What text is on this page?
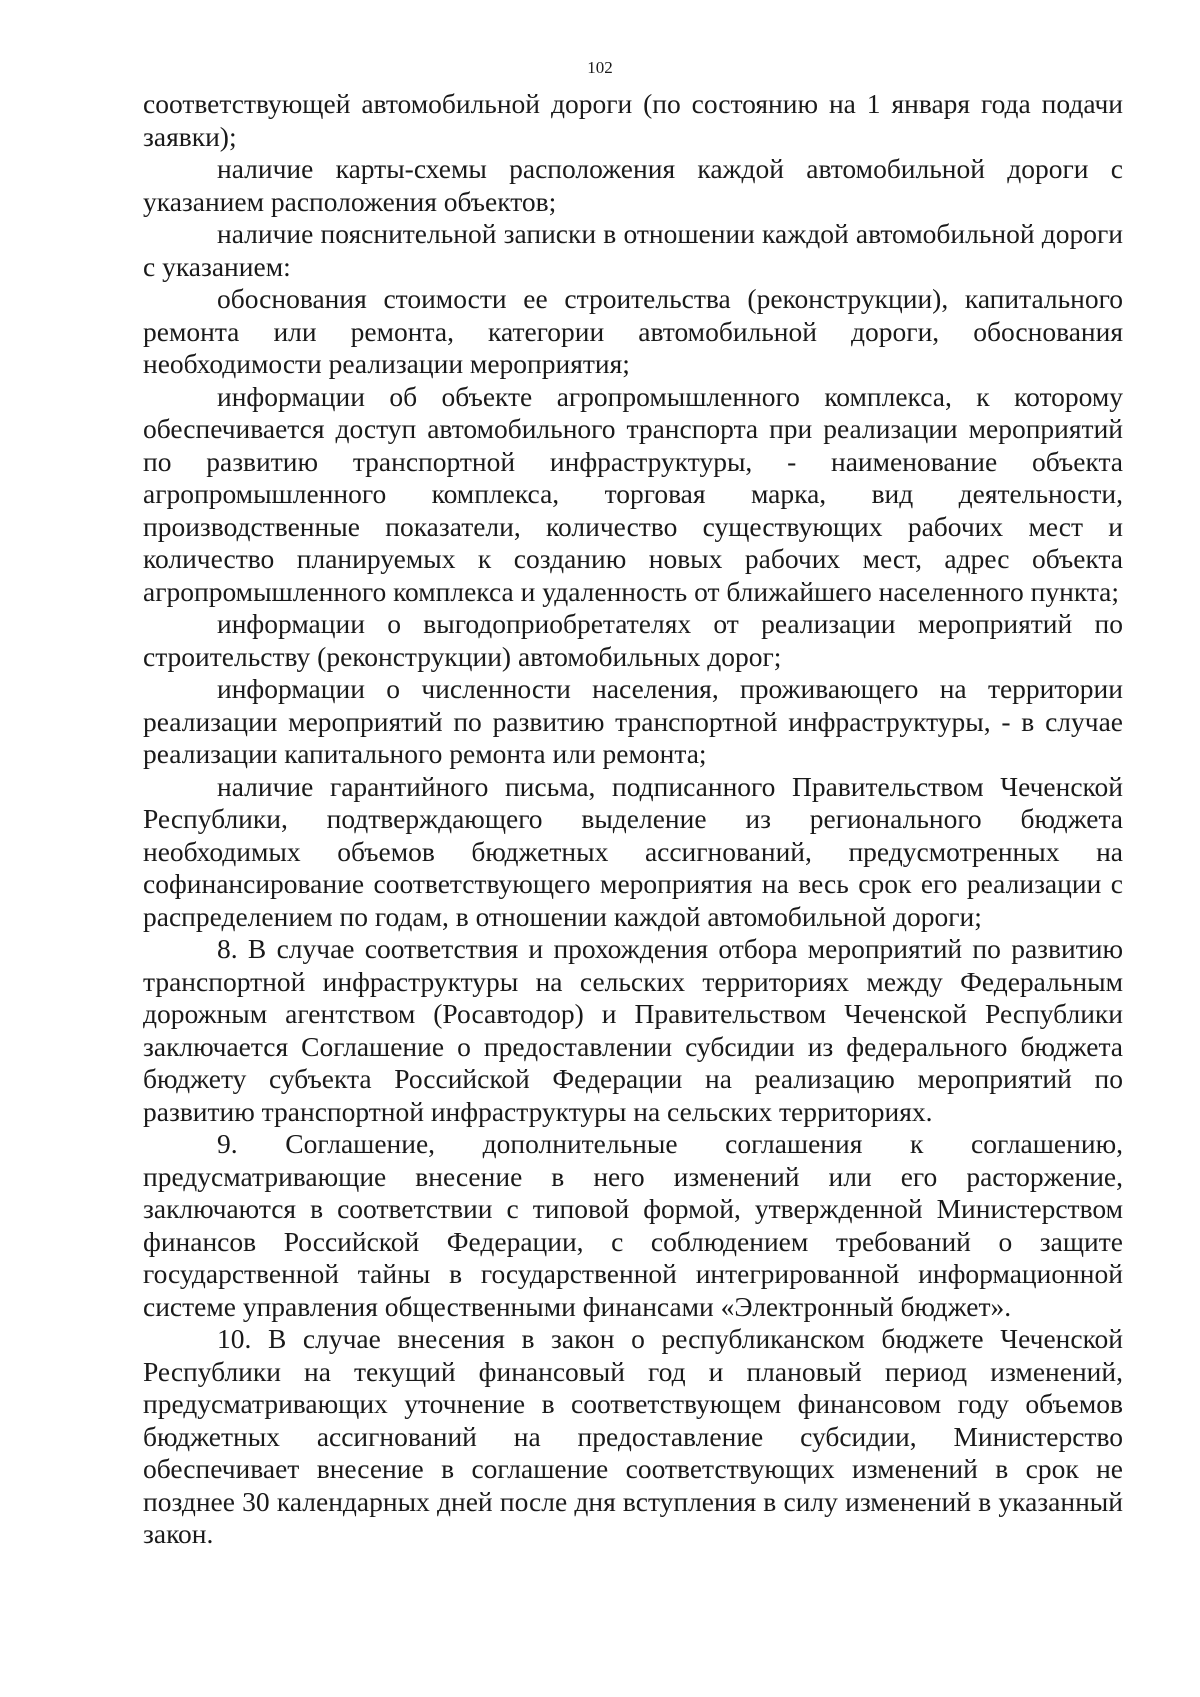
102

соответствующей автомобильной дороги (по состоянию на 1 января года подачи заявки);

наличие карты-схемы расположения каждой автомобильной дороги с указанием расположения объектов;

наличие пояснительной записки в отношении каждой автомобильной дороги с указанием:

обоснования стоимости ее строительства (реконструкции), капитального ремонта или ремонта, категории автомобильной дороги, обоснования необходимости реализации мероприятия;

информации об объекте агропромышленного комплекса, к которому обеспечивается доступ автомобильного транспорта при реализации мероприятий по развитию транспортной инфраструктуры, - наименование объекта агропромышленного комплекса, торговая марка, вид деятельности, производственные показатели, количество существующих рабочих мест и количество планируемых к созданию новых рабочих мест, адрес объекта агропромышленного комплекса и удаленность от ближайшего населенного пункта;

информации о выгодоприобретателях от реализации мероприятий по строительству (реконструкции) автомобильных дорог;

информации о численности населения, проживающего на территории реализации мероприятий по развитию транспортной инфраструктуры, - в случае реализации капитального ремонта или ремонта;

наличие гарантийного письма, подписанного Правительством Чеченской Республики, подтверждающего выделение из регионального бюджета необходимых объемов бюджетных ассигнований, предусмотренных на софинансирование соответствующего мероприятия на весь срок его реализации с распределением по годам, в отношении каждой автомобильной дороги;

8. В случае соответствия и прохождения отбора мероприятий по развитию транспортной инфраструктуры на сельских территориях между Федеральным дорожным агентством (Росавтодор) и Правительством Чеченской Республики заключается Соглашение о предоставлении субсидии из федерального бюджета бюджету субъекта Российской Федерации на реализацию мероприятий по развитию транспортной инфраструктуры на сельских территориях.

9. Соглашение, дополнительные соглашения к соглашению, предусматривающие внесение в него изменений или его расторжение, заключаются в соответствии с типовой формой, утвержденной Министерством финансов Российской Федерации, с соблюдением требований о защите государственной тайны в государственной интегрированной информационной системе управления общественными финансами «Электронный бюджет».

10. В случае внесения в закон о республиканском бюджете Чеченской Республики на текущий финансовый год и плановый период изменений, предусматривающих уточнение в соответствующем финансовом году объемов бюджетных ассигнований на предоставление субсидии, Министерство обеспечивает внесение в соглашение соответствующих изменений в срок не позднее 30 календарных дней после дня вступления в силу изменений в указанный закон.
